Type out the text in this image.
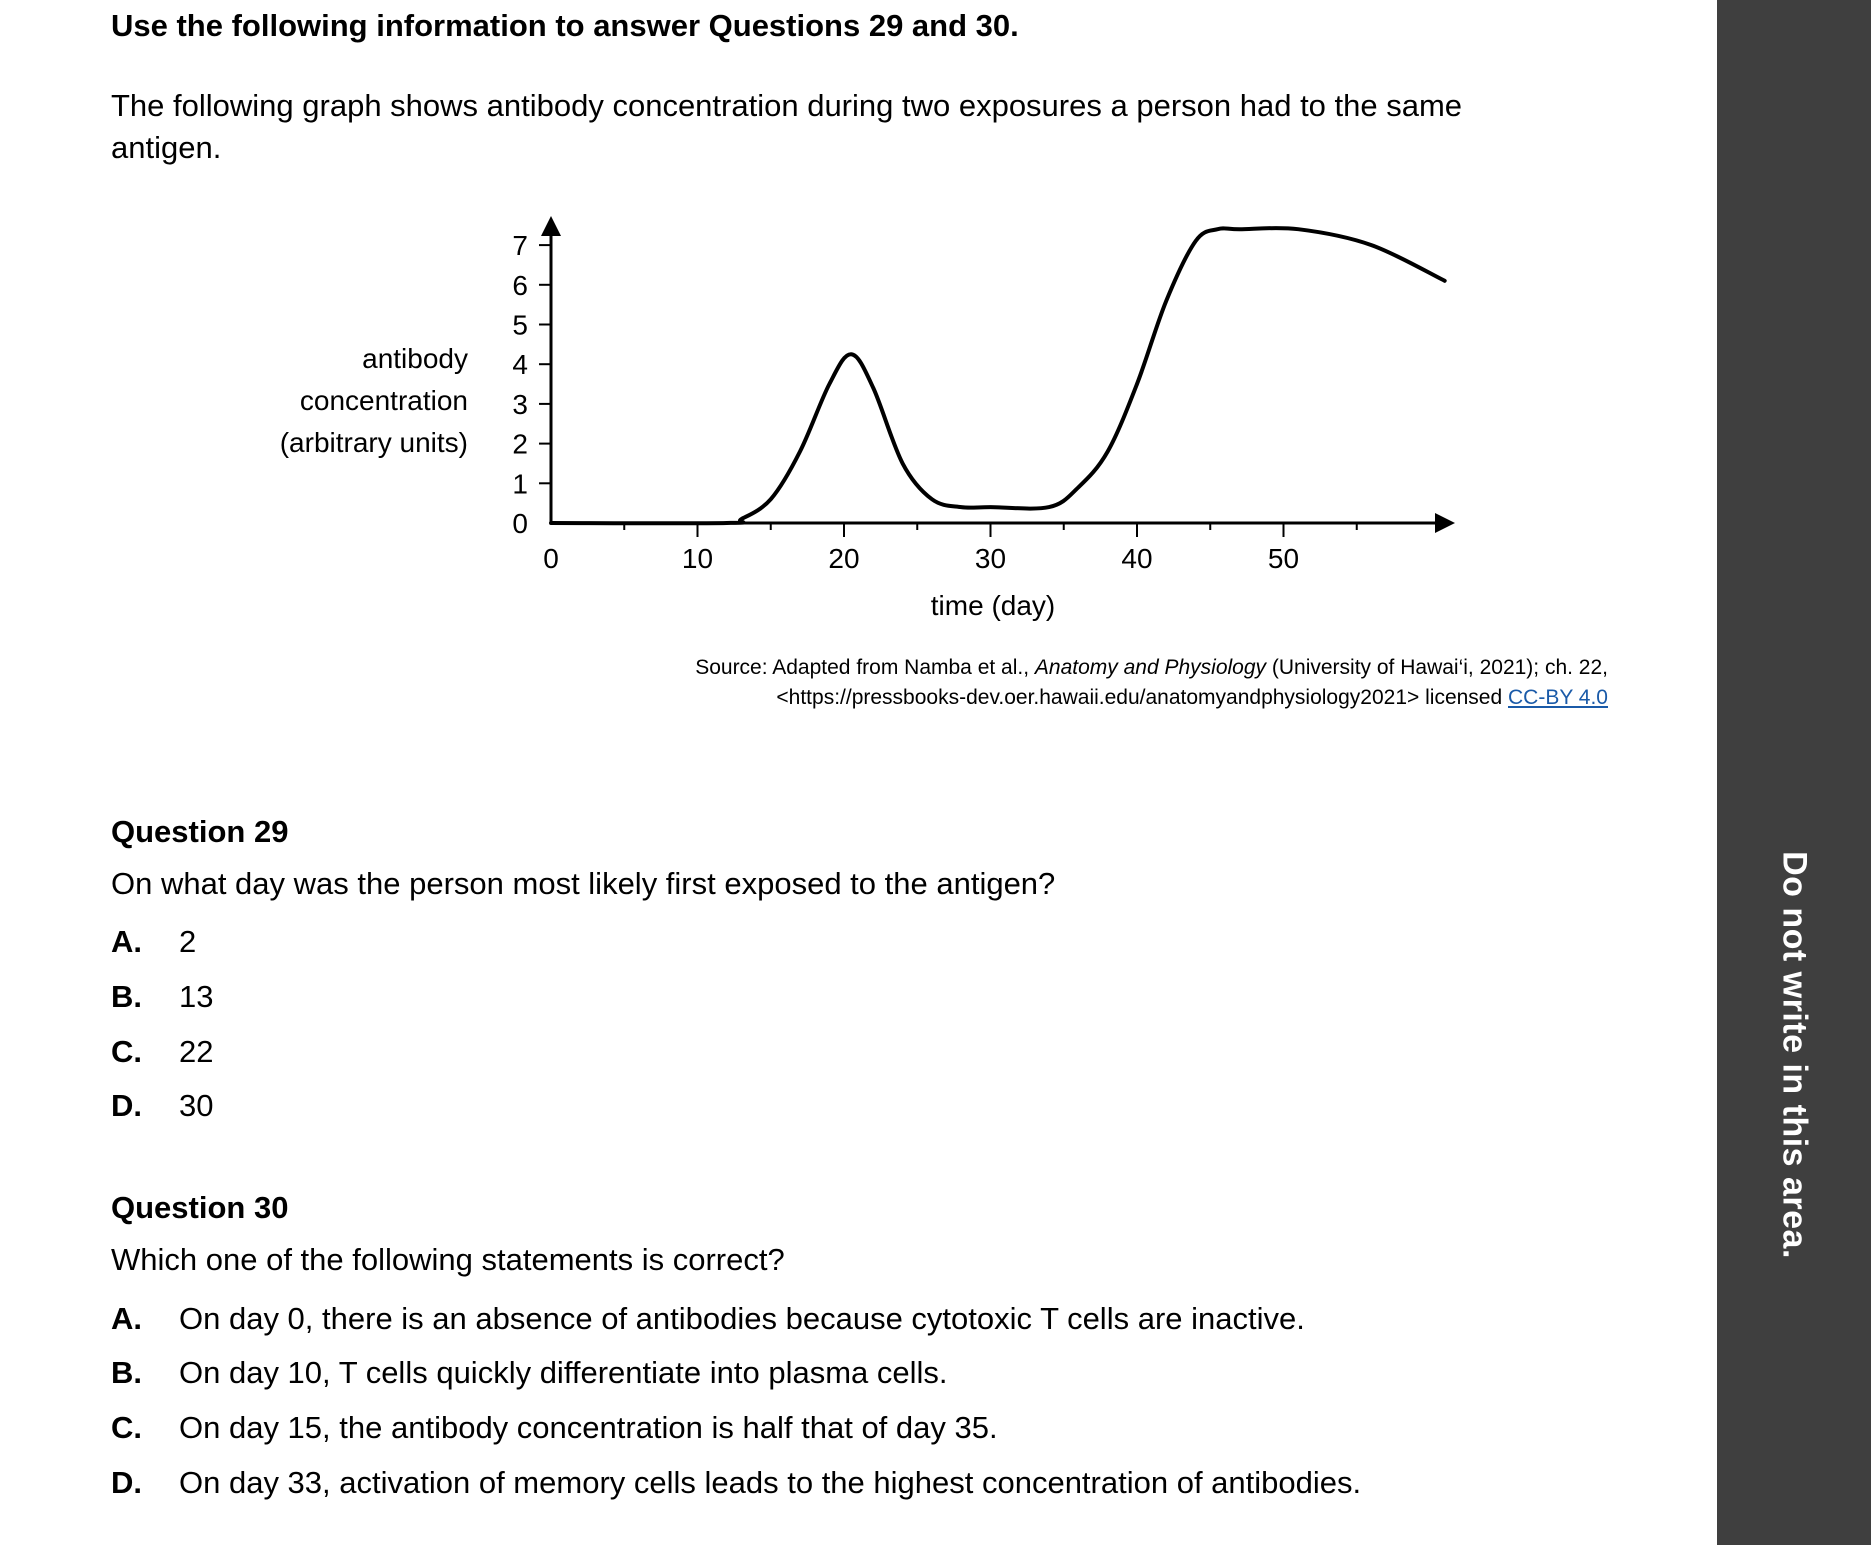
Use the following information to answer Questions 29 and 30.
The following graph shows antibody concentration during two exposures a person had to the same antigen.
antibody
concentration
(arbitrary units)
0	10	20	30	40	50
0
1
2
3
4
5
6
7
time (day)
Source: Adapted from Namba et al., Anatomy and Physiology (University of Hawai‘i, 2021); ch. 22,
<https://pressbooks-dev.oer.hawaii.edu/anatomyandphysiology2021> licensed CC-BY 4.0
Question 29
On what day was the person most likely first exposed to the antigen?
A. 2
B. 13
C. 22
D. 30
Question 30
Which one of the following statements is correct?
A. On day 0, there is an absence of antibodies because cytotoxic T cells are inactive.
B. On day 10, T cells quickly differentiate into plasma cells.
C. On day 15, the antibody concentration is half that of day 35.
D. On day 33, activation of memory cells leads to the highest concentration of antibodies.
Do not write in this area.
